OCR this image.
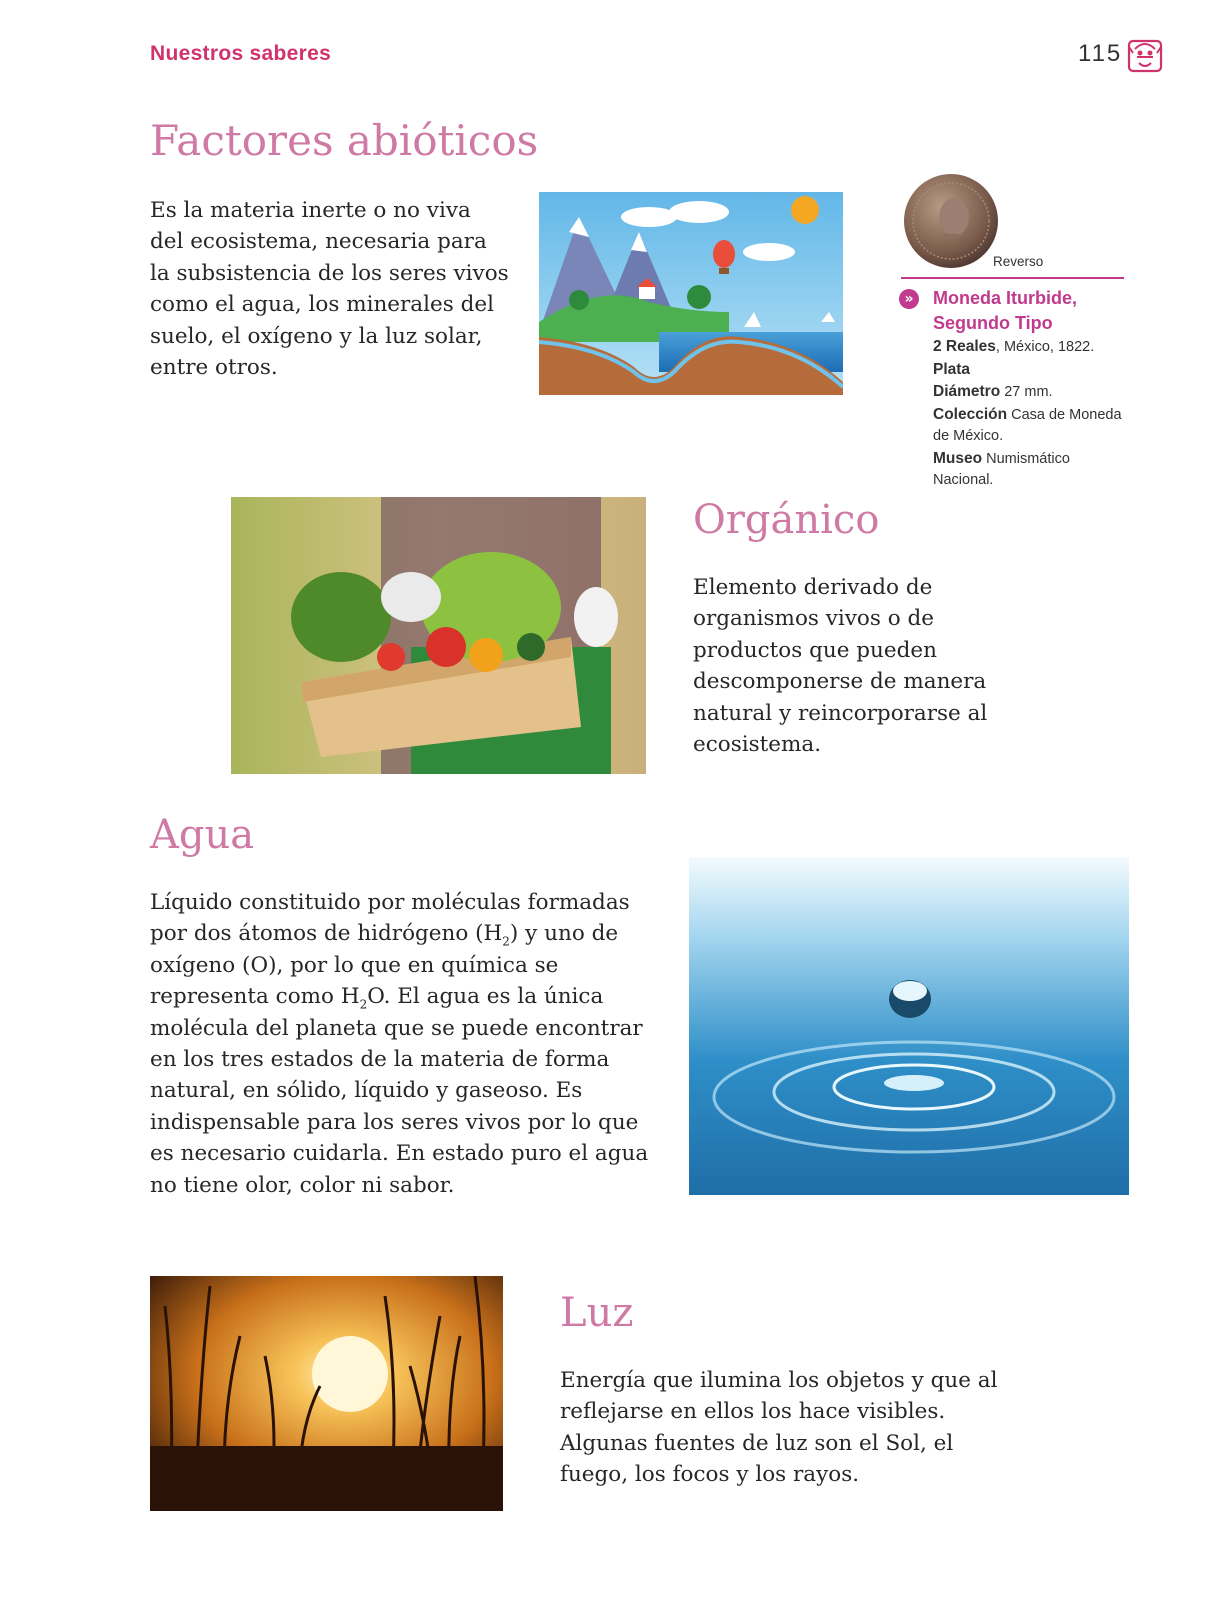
Nuestros saberes	115
Factores abióticos

Es la materia inerte o no viva del ecosistema, necesaria para la subsistencia de los seres vivos como el agua, los minerales del suelo, el oxígeno y la luz solar, entre otros.

Reverso
»	Moneda Iturbide,
Segundo Tipo
2 Reales, México, 1822.
Plata
Diámetro 27 mm.
Colección Casa de Moneda de México.
Museo Numismático Nacional.
Orgánico

Elemento derivado de organismos vivos o de productos que pueden descomponerse de manera natural y reincorporarse al ecosistema.

Agua

Líquido constituido por moléculas formadas por dos átomos de hidrógeno $(H_2)$ y uno de oxígeno (O), por lo que en química se representa como $H_2O$. El agua es la única molécula del planeta que se puede encontrar en los tres estados de la materia de forma natural, en sólido, líquido y gaseoso. Es indispensable para los seres vivos por lo que es necesario cuidarla. En estado puro el agua no tiene olor, color ni sabor.

Luz

Energía que ilumina los objetos y que al reflejarse en ellos los hace visibles. Algunas fuentes de luz son el Sol, el fuego, los focos y los rayos.
